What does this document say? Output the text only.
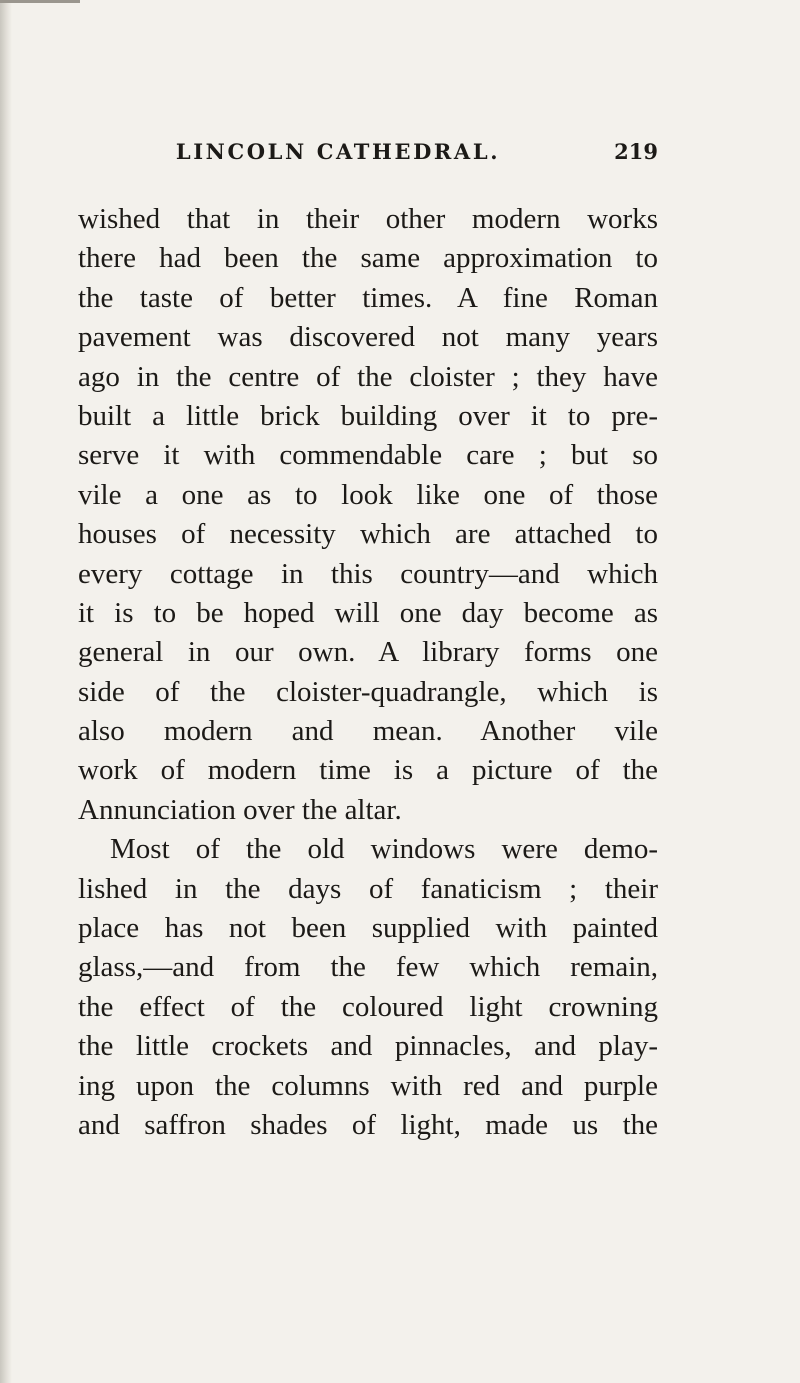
LINCOLN CATHEDRAL.	219
wished that in their other modern works
there had been the same approximation to
the taste of better times. A fine Roman
pavement was discovered not many years
ago in the centre of the cloister ; they have
built a little brick building over it to pre-
serve it with commendable care ; but so
vile a one as to look like one of those
houses of necessity which are attached to
every cottage in this country—and which
it is to be hoped will one day become as
general in our own. A library forms one
side of the cloister-quadrangle, which is
also modern and mean. Another vile
work of modern time is a picture of the
Annunciation over the altar.
Most of the old windows were demo-
lished in the days of fanaticism ; their
place has not been supplied with painted
glass,—and from the few which remain,
the effect of the coloured light crowning
the little crockets and pinnacles, and play-
ing upon the columns with red and purple
and saffron shades of light, made us the
